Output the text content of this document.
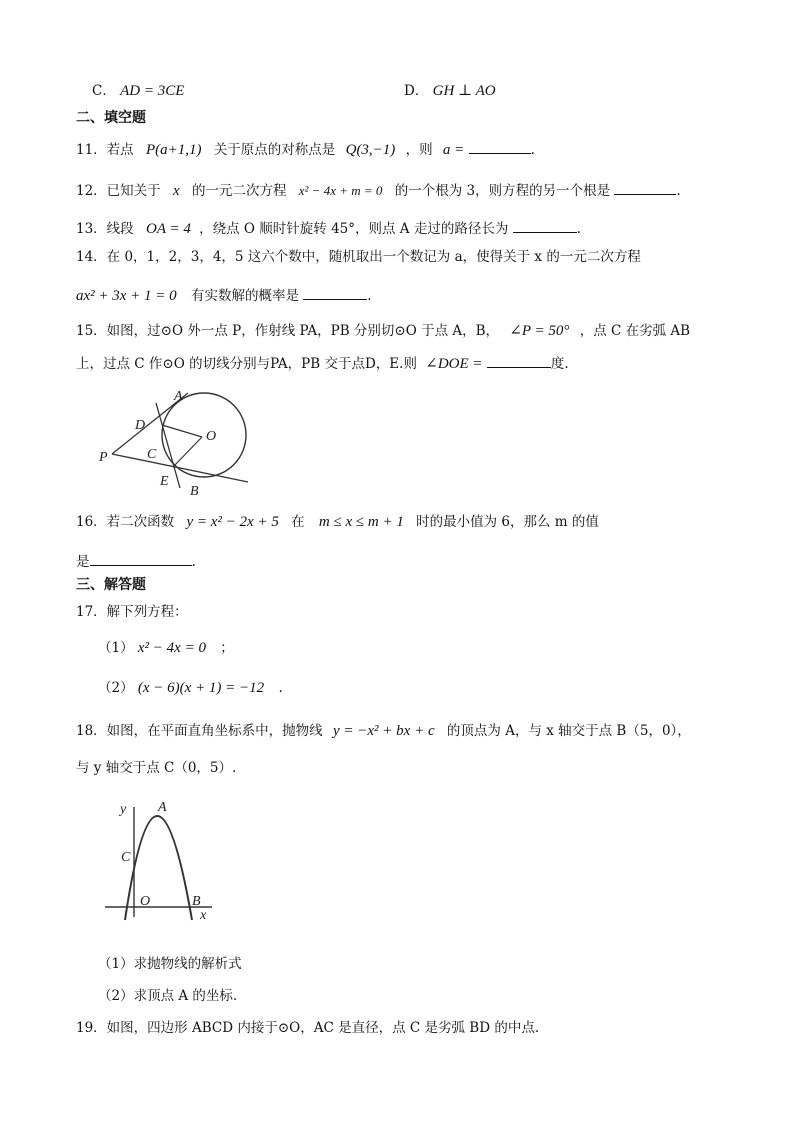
C． AD = 3CE	D． GH ⊥ AO
二、填空题
11．若点 P(a+1,1) 关于原点的对称点是 Q(3,−1) ，则 a =	.
12．已知关于 x 的一元二次方程 x² − 4x + m = 0 的一个根为 3，则方程的另一个根是	.
13．线段 OA = 4 ，绕点 O 顺时针旋转 45°，则点 A 走过的路径长为	.
14．在 0，1，2，3，4，5 这六个数中，随机取出一个数记为 a，使得关于 x 的一元二次方程
ax² + 3x + 1 = 0 有实数解的概率是	.
15．如图，过⊙O 外一点 P，作射线 PA，PB 分别切⊙O 于点 A，B， ∠P = 50° ，点 C 在劣弧 AB
上，过点 C 作⊙O 的切线分别与PA，PB 交于点D，E.则 ∠DOE =	度.
A
D
O
P	C
E
B
16．若二次函数 y = x² − 2x + 5 在 m ≤ x ≤ m + 1 时的最小值为 6，那么 m 的值
是	.
三、解答题
17．解下列方程：
（1） x² − 4x = 0 ；
（2） (x − 6)(x + 1) = −12 .
18．如图，在平面直角坐标系中，抛物线 y = −x² + bx + c 的顶点为 A，与 x 轴交于点 B（5，0），
与 y 轴交于点 C（0，5）.
y A
C
O	B
x
（1）求抛物线的解析式
（2）求顶点 A 的坐标.
19．如图，四边形 ABCD 内接于⊙O，AC 是直径，点 C 是劣弧 BD 的中点.
